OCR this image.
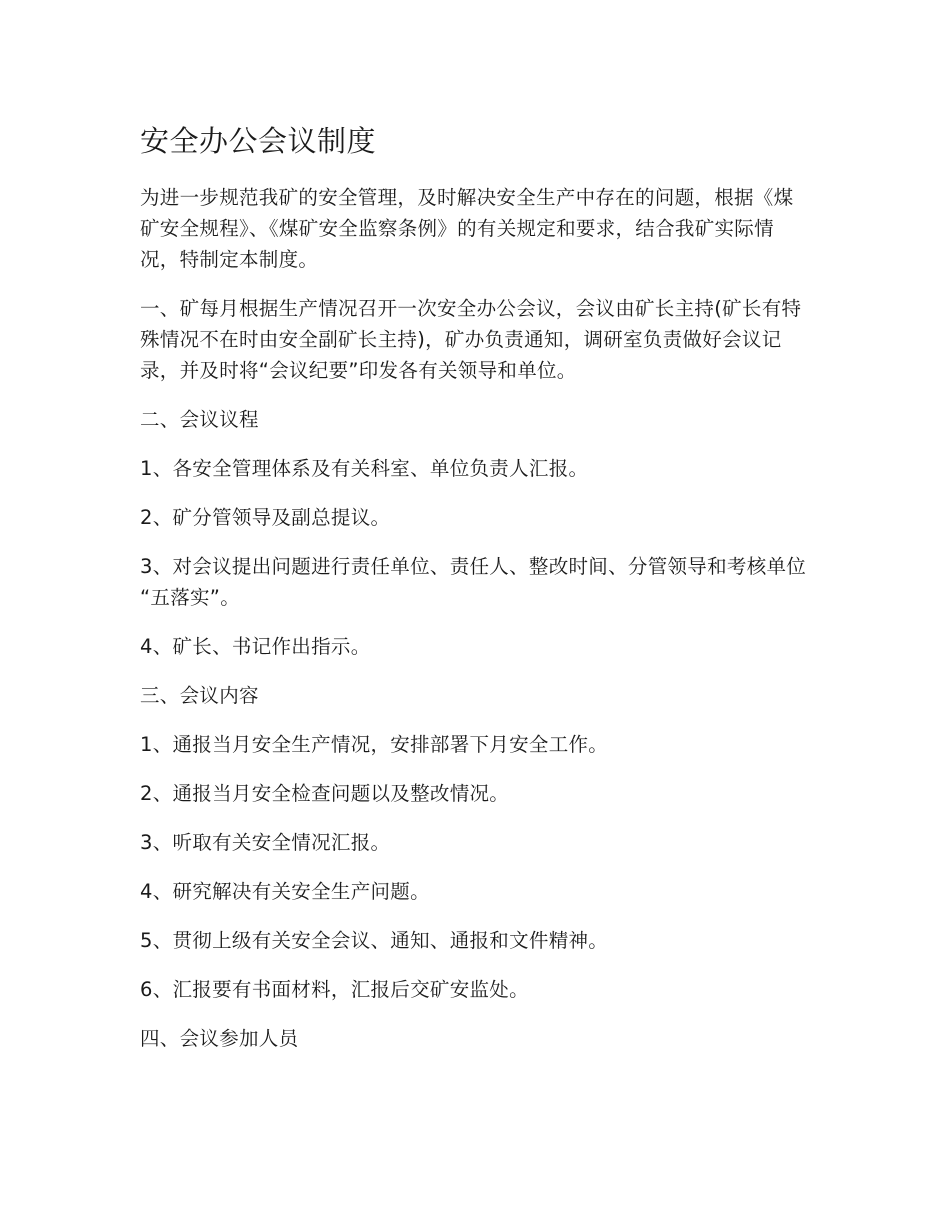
安全办公会议制度

为进一步规范我矿的安全管理，及时解决安全生产中存在的问题，根据《煤矿安全规程》、《煤矿安全监察条例》的有关规定和要求，结合我矿实际情况，特制定本制度。

一、矿每月根据生产情况召开一次安全办公会议，会议由矿长主持(矿长有特殊情况不在时由安全副矿长主持)，矿办负责通知，调研室负责做好会议记录，并及时将“会议纪要”印发各有关领导和单位。

二、会议议程

1、各安全管理体系及有关科室、单位负责人汇报。

2、矿分管领导及副总提议。

3、对会议提出问题进行责任单位、责任人、整改时间、分管领导和考核单位 “五落实”。

4、矿长、书记作出指示。

三、会议内容

1、通报当月安全生产情况，安排部署下月安全工作。

2、通报当月安全检查问题以及整改情况。

3、听取有关安全情况汇报。

4、研究解决有关安全生产问题。

5、贯彻上级有关安全会议、通知、通报和文件精神。

6、汇报要有书面材料，汇报后交矿安监处。

四、会议参加人员
